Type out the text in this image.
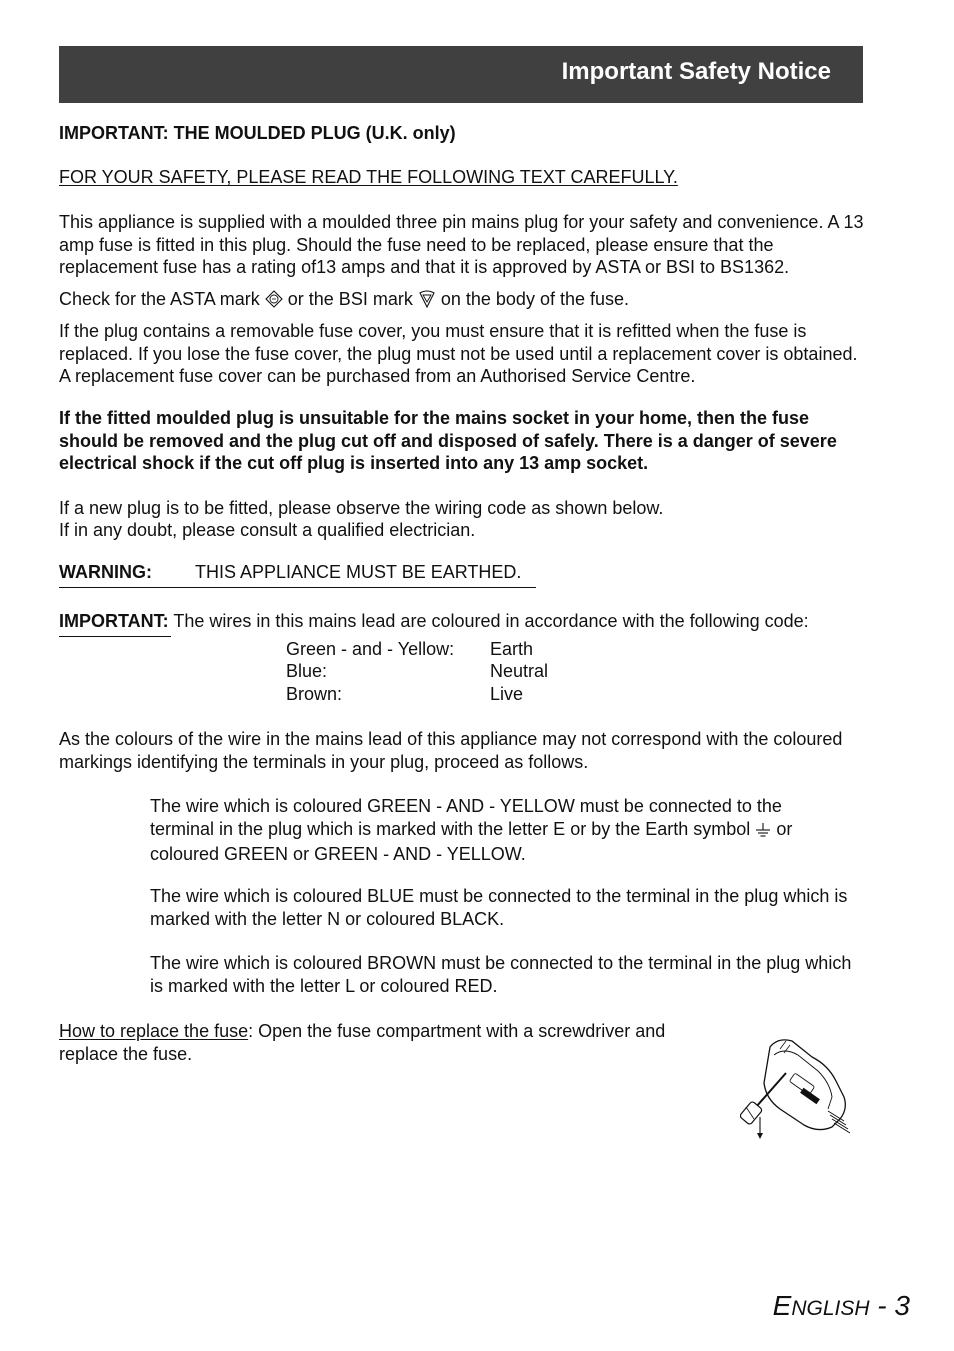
Important Safety Notice
IMPORTANT: THE MOULDED PLUG (U.K. only)
FOR YOUR SAFETY, PLEASE READ THE FOLLOWING TEXT CAREFULLY.

This appliance is supplied with a moulded three pin mains plug for your safety and convenience. A 13 amp fuse is fitted in this plug. Should the fuse need to be replaced, please ensure that the replacement fuse has a rating of13 amps and that it is approved by ASTA or BSI to BS1362.

Check for the ASTA mark or the BSI mark on the body of the fuse.

If the plug contains a removable fuse cover, you must ensure that it is refitted when the fuse is replaced. If you lose the fuse cover, the plug must not be used until a replacement cover is obtained. A replacement fuse cover can be purchased from an Authorised Service Centre.

If the fitted moulded plug is unsuitable for the mains socket in your home, then the fuse should be removed and the plug cut off and disposed of safely. There is a danger of severe electrical shock if the cut off plug is inserted into any 13 amp socket.

If a new plug is to be fitted, please observe the wiring code as shown below.
If in any doubt, please consult a qualified electrician.
WARNING: THIS APPLIANCE MUST BE EARTHED.
IMPORTANT: The wires in this mains lead are coloured in accordance with the following code:
Green - and - Yellow: Earth
Blue:	Neutral
Brown:	Live

As the colours of the wire in the mains lead of this appliance may not correspond with the coloured markings identifying the terminals in your plug, proceed as follows.

The wire which is coloured GREEN - AND - YELLOW must be connected to the terminal in the plug which is marked with the letter E or by the Earth symbol or coloured GREEN or GREEN - AND - YELLOW.

The wire which is coloured BLUE must be connected to the terminal in the plug which is marked with the letter N or coloured BLACK.

The wire which is coloured BROWN must be connected to the terminal in the plug which is marked with the letter L or coloured RED.

How to replace the fuse: Open the fuse compartment with a screwdriver and replace the fuse.

ENGLISH - 3
